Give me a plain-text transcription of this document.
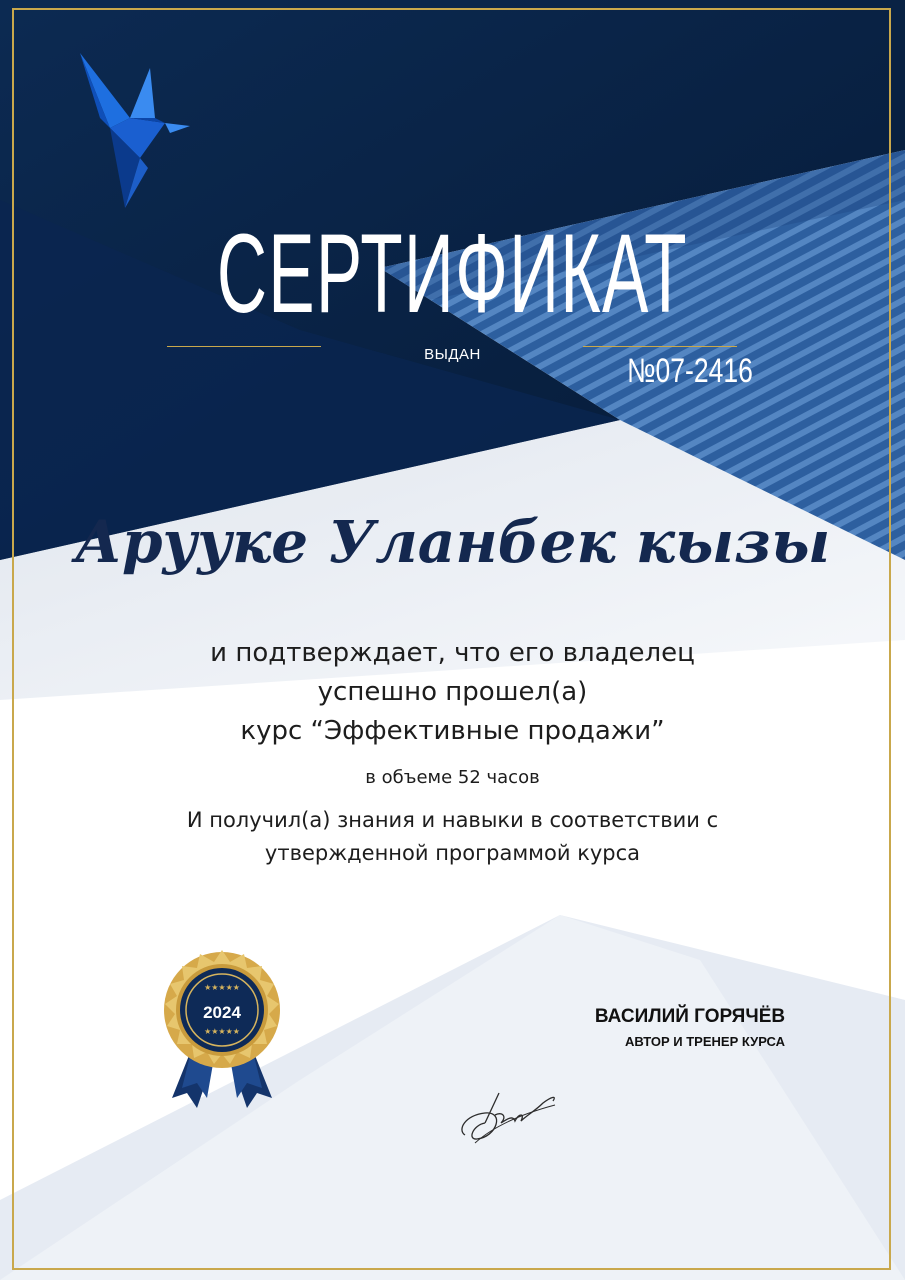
СЕРТИФИКАТ
ВЫДАН	№07-2416
Арууке Уланбек кызы
и подтверждает, что его владелец
успешно прошел(а)
курс “Эффективные продажи”
в объеме 52 часов
И получил(а) знания и навыки в соответствии с
утвержденной программой курса
2024
★★★★★
★★★★★
ВАСИЛИЙ ГОРЯЧЁВ
АВТОР И ТРЕНЕР КУРСА
